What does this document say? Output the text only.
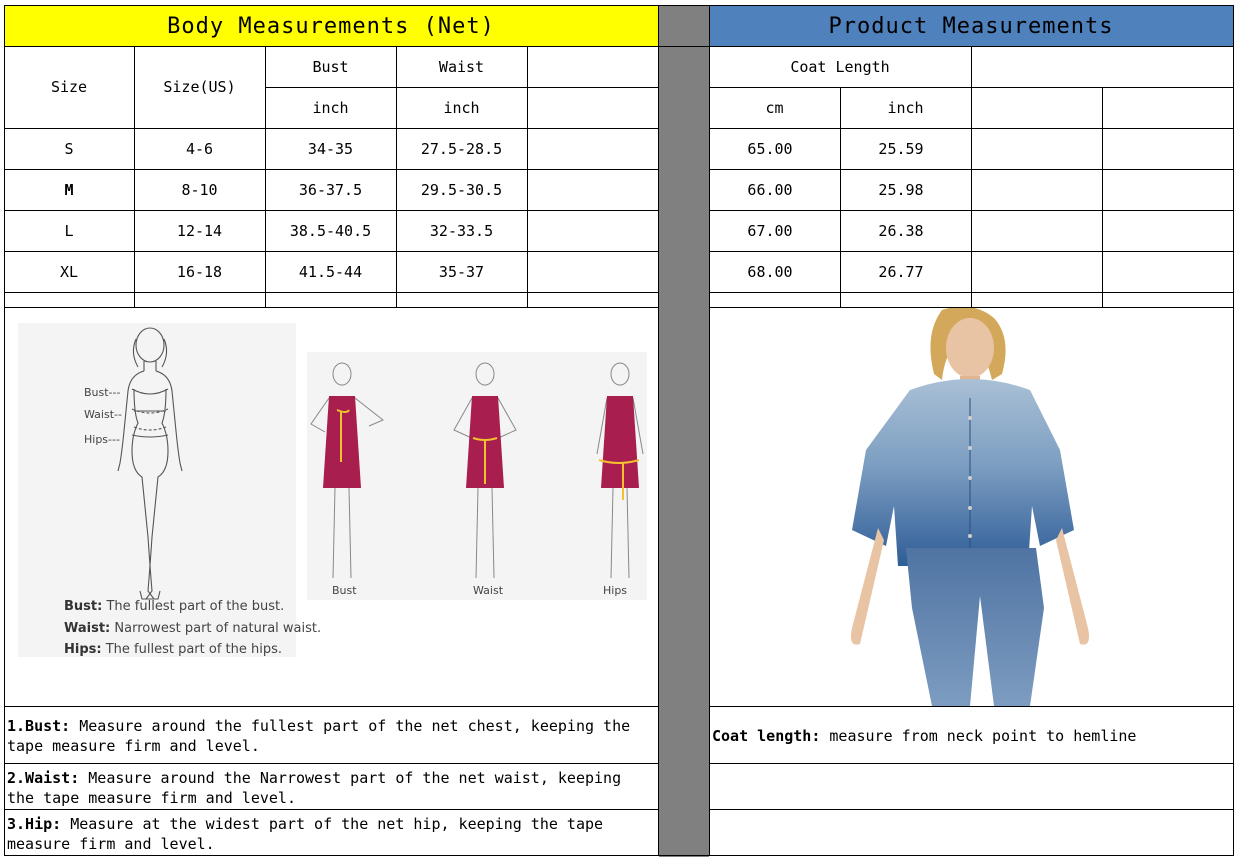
Body Measurements (Net)	Product Measurements
Size	Size(US)
Bust	Waist
inch	inch
S	4-6	34-35	27.5-28.5
M	8-10	36-37.5	29.5-30.5
L	12-14	38.5-40.5	32-33.5
XL	16-18	41.5-44	35-37
Coat Length
cm	inch
65.00	25.59
66.00	25.98
67.00	26.38
68.00	26.77
Bust---
Waist--
Hips---
Bust: The fullest part of the bust.
Waist: Narrowest part of natural waist.
Hips: The fullest part of the hips.
Bust	Waist	Hips
1.Bust: Measure around the fullest part of the net chest, keeping the tape measure firm and level.
2.Waist: Measure around the Narrowest part of the net waist, keeping the tape measure firm and level.
3.Hip: Measure at the widest part of the net hip, keeping the tape measure firm and level.
Coat length: measure from neck point to hemline
